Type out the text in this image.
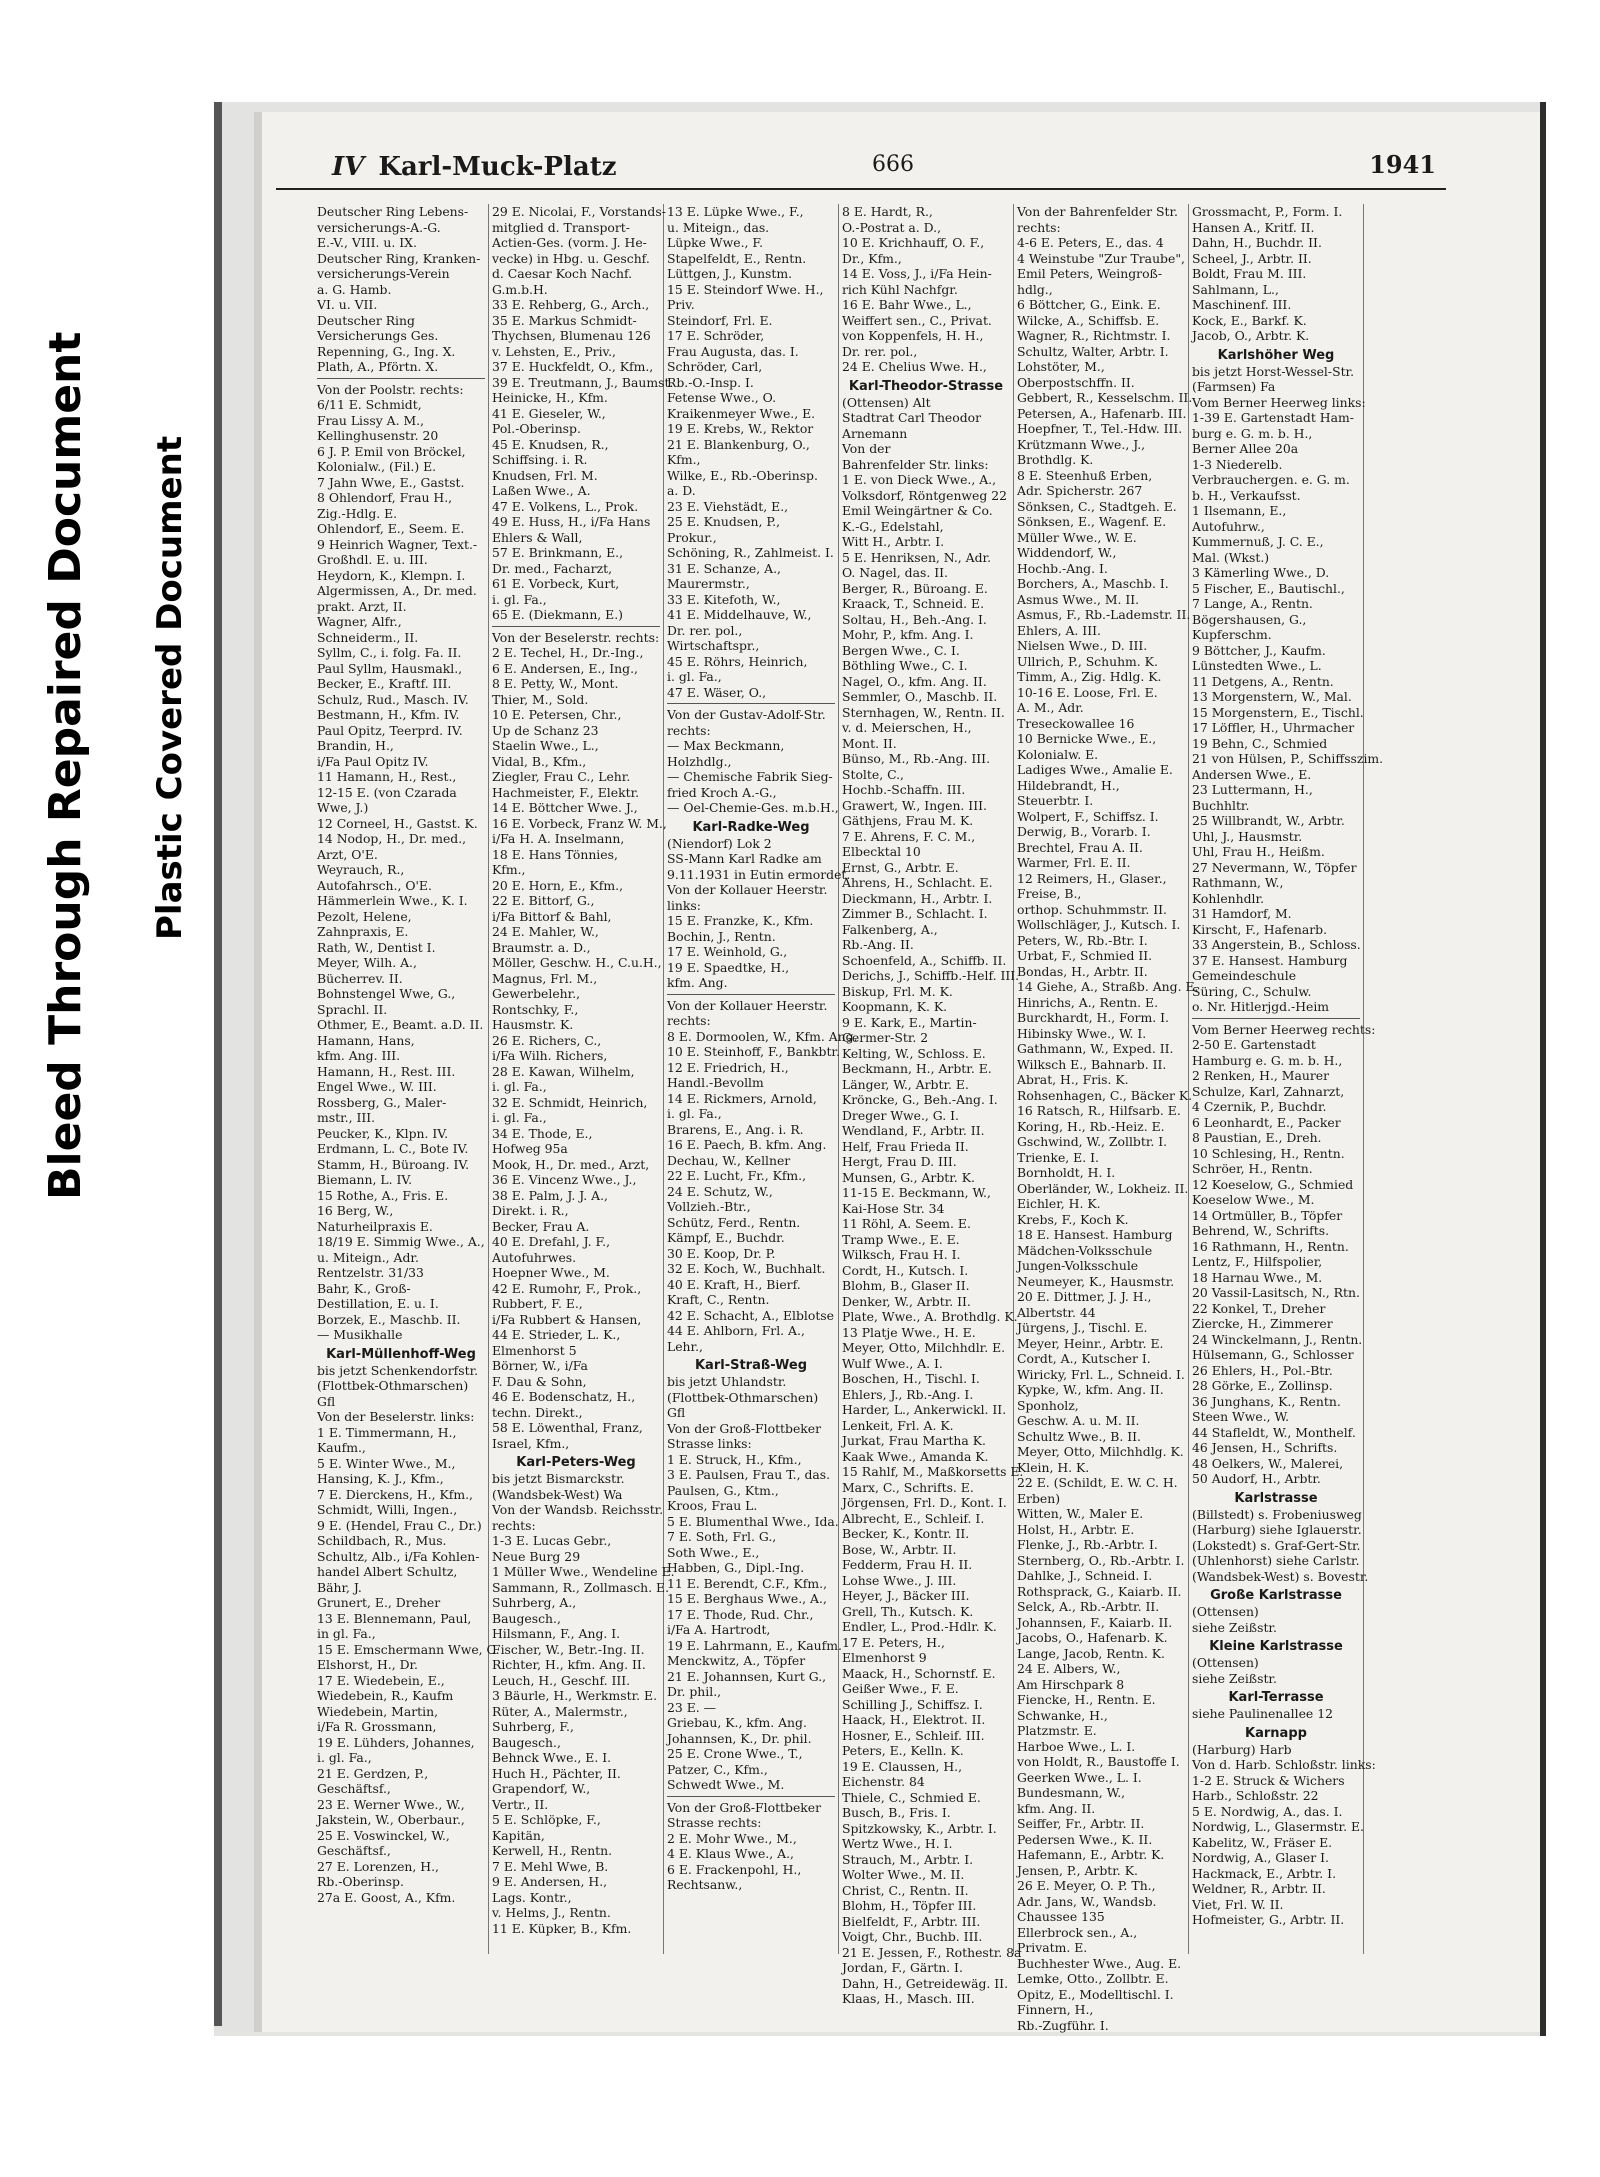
Bleed Through Repaired Document Plastic Covered Document
IV Karl-Muck-Platz	666	1941
Deutscher Ring Lebens-
versicherungs-A.-G.
E.-V., VIII. u. IX.
Deutscher Ring, Kranken-
versicherungs-Verein
a. G. Hamb.
VI. u. VII.
Deutscher Ring
Versicherungs Ges.
Repenning, G., Ing. X.
Plath, A., Pförtn. X.
Von der Poolstr. rechts:
6/11 E. Schmidt,
Frau Lissy A. M.,
Kellinghusenstr. 20
6 J. P. Emil von Bröckel,
Kolonialw., (Fil.) E.
7 Jahn Wwe, E., Gastst.
8 Ohlendorf, Frau H.,
Zig.-Hdlg. E.
Ohlendorf, E., Seem. E.
9 Heinrich Wagner, Text.-
Großhdl. E. u. III.
Heydorn, K., Klempn. I.
Algermissen, A., Dr. med.
prakt. Arzt, II.
Wagner, Alfr.,
Schneiderm., II.
Syllm, C., i. folg. Fa. II.
Paul Syllm, Hausmakl.,
Becker, E., Kraftf. III.
Schulz, Rud., Masch. IV.
Bestmann, H., Kfm. IV.
Paul Opitz, Teerprd. IV.
Brandin, H.,
i/Fa Paul Opitz IV.
11 Hamann, H., Rest.,
12-15 E. (von Czarada
Wwe, J.)
12 Corneel, H., Gastst. K.
14 Nodop, H., Dr. med.,
Arzt, O'E.
Weyrauch, R.,
Autofahrsch., O'E.
Hämmerlein Wwe., K. I.
Pezolt, Helene,
Zahnpraxis, E.
Rath, W., Dentist I.
Meyer, Wilh. A.,
Bücherrev. II.
Bohnstengel Wwe, G.,
Sprachl. II.
Othmer, E., Beamt. a.D. II.
Hamann, Hans,
kfm. Ang. III.
Hamann, H., Rest. III.
Engel Wwe., W. III.
Rossberg, G., Maler-
mstr., III.
Peucker, K., Klpn. IV.
Erdmann, L. C., Bote IV.
Stamm, H., Büroang. IV.
Biemann, L. IV.
15 Rothe, A., Fris. E.
16 Berg, W.,
Naturheilpraxis E.
18/19 E. Simmig Wwe., A.,
u. Miteign., Adr.
Rentzelstr. 31/33
Bahr, K., Groß-
Destillation, E. u. I.
Borzek, E., Maschb. II.
— Musikhalle
Karl-Müllenhoff-Weg
bis jetzt Schenkendorfstr.
(Flottbek-Othmarschen)
Gfl
Von der Beselerstr. links:
1 E. Timmermann, H.,
Kaufm.,
5 E. Winter Wwe., M.,
Hansing, K. J., Kfm.,
7 E. Dierckens, H., Kfm.,
Schmidt, Willi, Ingen.,
9 E. (Hendel, Frau C., Dr.)
Schildbach, R., Mus.
Schultz, Alb., i/Fa Kohlen-
handel Albert Schultz,
Bähr, J.
Grunert, E., Dreher
13 E. Blennemann, Paul,
in gl. Fa.,
15 E. Emschermann Wwe, C.
Elshorst, H., Dr.
17 E. Wiedebein, E.,
Wiedebein, R., Kaufm
Wiedebein, Martin,
i/Fa R. Grossmann,
19 E. Lühders, Johannes,
i. gl. Fa.,
21 E. Gerdzen, P.,
Geschäftsf.,
23 E. Werner Wwe., W.,
Jakstein, W., Oberbaur.,
25 E. Voswinckel, W.,
Geschäftsf.,
27 E. Lorenzen, H.,
Rb.-Oberinsp.
27a E. Goost, A., Kfm.
29 E. Nicolai, F., Vorstands-
mitglied d. Transport-
Actien-Ges. (vorm. J. He-
vecke) in Hbg. u. Geschf.
d. Caesar Koch Nachf.
G.m.b.H.
33 E. Rehberg, G., Arch.,
35 E. Markus Schmidt-
Thychsen, Blumenau 126
v. Lehsten, E., Priv.,
37 E. Huckfeldt, O., Kfm.,
39 E. Treutmann, J., Baumst.
Heinicke, H., Kfm.
41 E. Gieseler, W.,
Pol.-Oberinsp.
45 E. Knudsen, R.,
Schiffsing. i. R.
Knudsen, Frl. M.
Laßen Wwe., A.
47 E. Volkens, L., Prok.
49 E. Huss, H., i/Fa Hans
Ehlers & Wall,
57 E. Brinkmann, E.,
Dr. med., Facharzt,
61 E. Vorbeck, Kurt,
i. gl. Fa.,
65 E. (Diekmann, E.)
Von der Beselerstr. rechts:
2 E. Techel, H., Dr.-Ing.,
6 E. Andersen, E., Ing.,
8 E. Petty, W., Mont.
Thier, M., Sold.
10 E. Petersen, Chr.,
Up de Schanz 23
Staelin Wwe., L.,
Vidal, B., Kfm.,
Ziegler, Frau C., Lehr.
Hachmeister, F., Elektr.
14 E. Böttcher Wwe. J.,
16 E. Vorbeck, Franz W. M.,
i/Fa H. A. Inselmann,
18 E. Hans Tönnies,
Kfm.,
20 E. Horn, E., Kfm.,
22 E. Bittorf, G.,
i/Fa Bittorf & Bahl,
24 E. Mahler, W.,
Braumstr. a. D.,
Möller, Geschw. H., C.u.H.,
Magnus, Frl. M.,
Gewerbelehr.,
Rontschky, F.,
Hausmstr. K.
26 E. Richers, C.,
i/Fa Wilh. Richers,
28 E. Kawan, Wilhelm,
i. gl. Fa.,
32 E. Schmidt, Heinrich,
i. gl. Fa.,
34 E. Thode, E.,
Hofweg 95a
Mook, H., Dr. med., Arzt,
36 E. Vincenz Wwe., J.,
38 E. Palm, J. J. A.,
Direkt. i. R.,
Becker, Frau A.
40 E. Drefahl, J. F.,
Autofuhrwes.
Hoepner Wwe., M.
42 E. Rumohr, F., Prok.,
Rubbert, F. E.,
i/Fa Rubbert & Hansen,
44 E. Strieder, L. K.,
Elmenhorst 5
Börner, W., i/Fa
F. Dau & Sohn,
46 E. Bodenschatz, H.,
techn. Direkt.,
58 E. Löwenthal, Franz,
Israel, Kfm.,
Karl-Peters-Weg
bis jetzt Bismarckstr.
(Wandsbek-West) Wa
Von der Wandsb. Reichsstr.
rechts:
1-3 E. Lucas Gebr.,
Neue Burg 29
1 Müller Wwe., Wendeline E.
Sammann, R., Zollmasch. E.
Suhrberg, A.,
Baugesch.,
Hilsmann, F., Ang. I.
Fischer, W., Betr.-Ing. II.
Richter, H., kfm. Ang. II.
Leuch, H., Geschf. III.
3 Bäurle, H., Werkmstr. E.
Rüter, A., Malermstr.,
Suhrberg, F.,
Baugesch.,
Behnck Wwe., E. I.
Huch H., Pächter, II.
Grapendorf, W.,
Vertr., II.
5 E. Schlöpke, F.,
Kapitän,
Kerwell, H., Rentn.
7 E. Mehl Wwe, B.
9 E. Andersen, H.,
Lags. Kontr.,
v. Helms, J., Rentn.
11 E. Küpker, B., Kfm.
13 E. Lüpke Wwe., F.,
u. Miteign., das.
Lüpke Wwe., F.
Stapelfeldt, E., Rentn.
Lüttgen, J., Kunstm.
15 E. Steindorf Wwe. H.,
Priv.
Steindorf, Frl. E.
17 E. Schröder,
Frau Augusta, das. I.
Schröder, Carl,
Rb.-O.-Insp. I.
Fetense Wwe., O.
Kraikenmeyer Wwe., E.
19 E. Krebs, W., Rektor
21 E. Blankenburg, O.,
Kfm.,
Wilke, E., Rb.-Oberinsp.
a. D.
23 E. Viehstädt, E.,
25 E. Knudsen, P.,
Prokur.,
Schöning, R., Zahlmeist. I.
31 E. Schanze, A.,
Maurermstr.,
33 E. Kitefoth, W.,
41 E. Middelhauve, W.,
Dr. rer. pol.,
Wirtschaftspr.,
45 E. Röhrs, Heinrich,
i. gl. Fa.,
47 E. Wäser, O.,
Von der Gustav-Adolf-Str.
rechts:
— Max Beckmann,
Holzhdlg.,
— Chemische Fabrik Sieg-
fried Kroch A.-G.,
— Oel-Chemie-Ges. m.b.H.,
Karl-Radke-Weg
(Niendorf) Lok 2
SS-Mann Karl Radke am
9.11.1931 in Eutin ermordet.
Von der Kollauer Heerstr.
links:
15 E. Franzke, K., Kfm.
Bochin, J., Rentn.
17 E. Weinhold, G.,
19 E. Spaedtke, H.,
kfm. Ang.
Von der Kollauer Heerstr.
rechts:
8 E. Dormoolen, W., Kfm. Ang.
10 E. Steinhoff, F., Bankbtr.
12 E. Friedrich, H.,
Handl.-Bevollm
14 E. Rickmers, Arnold,
i. gl. Fa.,
Brarens, E., Ang. i. R.
16 E. Paech, B. kfm. Ang.
Dechau, W., Kellner
22 E. Lucht, Fr., Kfm.,
24 E. Schutz, W.,
Vollzieh.-Btr.,
Schütz, Ferd., Rentn.
Kämpf, E., Buchdr.
30 E. Koop, Dr. P.
32 E. Koch, W., Buchhalt.
40 E. Kraft, H., Bierf.
Kraft, C., Rentn.
42 E. Schacht, A., Elblotse
44 E. Ahlborn, Frl. A.,
Lehr.,
Karl-Straß-Weg
bis jetzt Uhlandstr.
(Flottbek-Othmarschen)
Gfl
Von der Groß-Flottbeker
Strasse links:
1 E. Struck, H., Kfm.,
3 E. Paulsen, Frau T., das.
Paulsen, G., Ktm.,
Kroos, Frau L.
5 E. Blumenthal Wwe., Ida.
7 E. Soth, Frl. G.,
Soth Wwe., E.,
Habben, G., Dipl.-Ing.
11 E. Berendt, C.F., Kfm.,
15 E. Berghaus Wwe., A.,
17 E. Thode, Rud. Chr.,
i/Fa A. Hartrodt,
19 E. Lahrmann, E., Kaufm.
Menckwitz, A., Töpfer
21 E. Johannsen, Kurt G.,
Dr. phil.,
23 E. —
Griebau, K., kfm. Ang.
Johannsen, K., Dr. phil.
25 E. Crone Wwe., T.,
Patzer, C., Kfm.,
Schwedt Wwe., M.
Von der Groß-Flottbeker
Strasse rechts:
2 E. Mohr Wwe., M.,
4 E. Klaus Wwe., A.,
6 E. Frackenpohl, H.,
Rechtsanw.,
8 E. Hardt, R.,
O.-Postrat a. D.,
10 E. Krichhauff, O. F.,
Dr., Kfm.,
14 E. Voss, J., i/Fa Hein-
rich Kühl Nachfgr.
16 E. Bahr Wwe., L.,
Weiffert sen., C., Privat.
von Koppenfels, H. H.,
Dr. rer. pol.,
24 E. Chelius Wwe. H.,
Karl-Theodor-Strasse
(Ottensen) Alt
Stadtrat Carl Theodor
Arnemann
Von der
Bahrenfelder Str. links:
1 E. von Dieck Wwe., A.,
Volksdorf, Röntgenweg 22
Emil Weingärtner & Co.
K.-G., Edelstahl,
Witt H., Arbtr. I.
5 E. Henriksen, N., Adr.
O. Nagel, das. II.
Berger, R., Büroang. E.
Kraack, T., Schneid. E.
Soltau, H., Beh.-Ang. I.
Mohr, P., kfm. Ang. I.
Bergen Wwe., C. I.
Böthling Wwe., C. I.
Nagel, O., kfm. Ang. II.
Semmler, O., Maschb. II.
Sternhagen, W., Rentn. II.
v. d. Meierschen, H.,
Mont. II.
Bünso, M., Rb.-Ang. III.
Stolte, C.,
Hochb.-Schaffn. III.
Grawert, W., Ingen. III.
Gäthjens, Frau M. K.
7 E. Ahrens, F. C. M.,
Elbecktal 10
Ernst, G., Arbtr. E.
Ahrens, H., Schlacht. E.
Dieckmann, H., Arbtr. I.
Zimmer B., Schlacht. I.
Falkenberg, A.,
Rb.-Ang. II.
Schoenfeld, A., Schiffb. II.
Derichs, J., Schiffb.-Helf. III.
Biskup, Frl. M. K.
Koopmann, K. K.
9 E. Kark, E., Martin-
Germer-Str. 2
Kelting, W., Schloss. E.
Beckmann, H., Arbtr. E.
Länger, W., Arbtr. E.
Kröncke, G., Beh.-Ang. I.
Dreger Wwe., G. I.
Wendland, F., Arbtr. II.
Helf, Frau Frieda II.
Hergt, Frau D. III.
Munsen, G., Arbtr. K.
11-15 E. Beckmann, W.,
Kai-Hose Str. 34
11 Röhl, A. Seem. E.
Tramp Wwe., E. E.
Wilksch, Frau H. I.
Cordt, H., Kutsch. I.
Blohm, B., Glaser II.
Denker, W., Arbtr. II.
Plate, Wwe., A. Brothdlg. K.
13 Platje Wwe., H. E.
Meyer, Otto, Milchhdlr. E.
Wulf Wwe., A. I.
Boschen, H., Tischl. I.
Ehlers, J., Rb.-Ang. I.
Harder, L., Ankerwickl. II.
Lenkeit, Frl. A. K.
Jurkat, Frau Martha K.
Kaak Wwe., Amanda K.
15 Rahlf, M., Maßkorsetts E.
Marx, C., Schrifts. E.
Jörgensen, Frl. D., Kont. I.
Albrecht, E., Schleif. I.
Becker, K., Kontr. II.
Bose, W., Arbtr. II.
Fedderm, Frau H. II.
Lohse Wwe., J. III.
Heyer, J., Bäcker III.
Grell, Th., Kutsch. K.
Endler, L., Prod.-Hdlr. K.
17 E. Peters, H.,
Elmenhorst 9
Maack, H., Schornstf. E.
Geißer Wwe., F. E.
Schilling J., Schiffsz. I.
Haack, H., Elektrot. II.
Hosner, E., Schleif. III.
Peters, E., Kelln. K.
19 E. Claussen, H.,
Eichenstr. 84
Thiele, C., Schmied E.
Busch, B., Fris. I.
Spitzkowsky, K., Arbtr. I.
Wertz Wwe., H. I.
Strauch, M., Arbtr. I.
Wolter Wwe., M. II.
Christ, C., Rentn. II.
Blohm, H., Töpfer III.
Bielfeldt, F., Arbtr. III.
Voigt, Chr., Buchb. III.
21 E. Jessen, F., Rothestr. 8a
Jordan, F., Gärtn. I.
Dahn, H., Getreidewäg. II.
Klaas, H., Masch. III.
Von der Bahrenfelder Str.
rechts:
4-6 E. Peters, E., das. 4
4 Weinstube "Zur Traube",
Emil Peters, Weingroß-
hdlg.,
6 Böttcher, G., Eink. E.
Wilcke, A., Schiffsb. E.
Wagner, R., Richtmstr. I.
Schultz, Walter, Arbtr. I.
Lohstöter, M.,
Oberpostschffn. II.
Gebbert, R., Kesselschm. II.
Petersen, A., Hafenarb. III.
Hoepfner, T., Tel.-Hdw. III.
Krützmann Wwe., J.,
Brothdlg. K.
8 E. Steenhuß Erben,
Adr. Spicherstr. 267
Sönksen, C., Stadtgeh. E.
Sönksen, E., Wagenf. E.
Müller Wwe., W. E.
Widdendorf, W.,
Hochb.-Ang. I.
Borchers, A., Maschb. I.
Asmus Wwe., M. II.
Asmus, F., Rb.-Lademstr. II.
Ehlers, A. III.
Nielsen Wwe., D. III.
Ullrich, P., Schuhm. K.
Timm, A., Zig. Hdlg. K.
10-16 E. Loose, Frl. E.
A. M., Adr.
Treseckowallee 16
10 Bernicke Wwe., E.,
Kolonialw. E.
Ladiges Wwe., Amalie E.
Hildebrandt, H.,
Steuerbtr. I.
Wolpert, F., Schiffsz. I.
Derwig, B., Vorarb. I.
Brechtel, Frau A. II.
Warmer, Frl. E. II.
12 Reimers, H., Glaser.,
Freise, B.,
orthop. Schuhmmstr. II.
Wollschläger, J., Kutsch. I.
Peters, W., Rb.-Btr. I.
Urbat, F., Schmied II.
Bondas, H., Arbtr. II.
14 Giehe, A., Straßb. Ang. E.
Hinrichs, A., Rentn. E.
Burckhardt, H., Form. I.
Hibinsky Wwe., W. I.
Gathmann, W., Exped. II.
Wilksch E., Bahnarb. II.
Abrat, H., Fris. K.
Rohsenhagen, C., Bäcker K.
16 Ratsch, R., Hilfsarb. E.
Koring, H., Rb.-Heiz. E.
Gschwind, W., Zollbtr. I.
Trienke, E. I.
Bornholdt, H. I.
Oberländer, W., Lokheiz. II.
Eichler, H. K.
Krebs, F., Koch K.
18 E. Hansest. Hamburg
Mädchen-Volksschule
Jungen-Volksschule
Neumeyer, K., Hausmstr.
20 E. Dittmer, J. J. H.,
Albertstr. 44
Jürgens, J., Tischl. E.
Meyer, Heinr., Arbtr. E.
Cordt, A., Kutscher I.
Wiricky, Frl. L., Schneid. I.
Kypke, W., kfm. Ang. II.
Sponholz,
Geschw. A. u. M. II.
Schultz Wwe., B. II.
Meyer, Otto, Milchhdlg. K.
Klein, H. K.
22 E. (Schildt, E. W. C. H.
Erben)
Witten, W., Maler E.
Holst, H., Arbtr. E.
Flenke, J., Rb.-Arbtr. I.
Sternberg, O., Rb.-Arbtr. I.
Dahlke, J., Schneid. I.
Rothsprack, G., Kaiarb. II.
Selck, A., Rb.-Arbtr. II.
Johannsen, F., Kaiarb. II.
Jacobs, O., Hafenarb. K.
Lange, Jacob, Rentn. K.
24 E. Albers, W.,
Am Hirschpark 8
Fiencke, H., Rentn. E.
Schwanke, H.,
Platzmstr. E.
Harboe Wwe., L. I.
von Holdt, R., Baustoffe I.
Geerken Wwe., L. I.
Bundesmann, W.,
kfm. Ang. II.
Seiffer, Fr., Arbtr. II.
Pedersen Wwe., K. II.
Hafemann, E., Arbtr. K.
Jensen, P., Arbtr. K.
26 E. Meyer, O. P. Th.,
Adr. Jans, W., Wandsb.
Chaussee 135
Ellerbrock sen., A.,
Privatm. E.
Buchhester Wwe., Aug. E.
Lemke, Otto., Zollbtr. E.
Opitz, E., Modelltischl. I.
Finnern, H.,
Rb.-Zugführ. I.
Grossmacht, P., Form. I.
Hansen A., Kritf. II.
Dahn, H., Buchdr. II.
Scheel, J., Arbtr. II.
Boldt, Frau M. III.
Sahlmann, L.,
Maschinenf. III.
Kock, E., Barkf. K.
Jacob, O., Arbtr. K.
Karlshöher Weg
bis jetzt Horst-Wessel-Str.
(Farmsen) Fa
Vom Berner Heerweg links:
1-39 E. Gartenstadt Ham-
burg e. G. m. b. H.,
Berner Allee 20a
1-3 Niederelb.
Verbrauchergen. e. G. m.
b. H., Verkaufsst.
1 Ilsemann, E.,
Autofuhrw.,
Kummernuß, J. C. E.,
Mal. (Wkst.)
3 Kämerling Wwe., D.
5 Fischer, E., Bautischl.,
7 Lange, A., Rentn.
Bögershausen, G.,
Kupferschm.
9 Böttcher, J., Kaufm.
Lünstedten Wwe., L.
11 Detgens, A., Rentn.
13 Morgenstern, W., Mal.
15 Morgenstern, E., Tischl.
17 Löffler, H., Uhrmacher
19 Behn, C., Schmied
21 von Hülsen, P., Schiffsszim.
Andersen Wwe., E.
23 Luttermann, H.,
Buchhltr.
25 Willbrandt, W., Arbtr.
Uhl, J., Hausmstr.
Uhl, Frau H., Heißm.
27 Nevermann, W., Töpfer
Rathmann, W.,
Kohlenhdlr.
31 Hamdorf, M.
Kirscht, F., Hafenarb.
33 Angerstein, B., Schloss.
37 E. Hansest. Hamburg
Gemeindeschule
Süring, C., Schulw.
o. Nr. Hitlerjgd.-Heim
Vom Berner Heerweg rechts:
2-50 E. Gartenstadt
Hamburg e. G. m. b. H.,
2 Renken, H., Maurer
Schulze, Karl, Zahnarzt,
4 Czernik, P., Buchdr.
6 Leonhardt, E., Packer
8 Paustian, E., Dreh.
10 Schlesing, H., Rentn.
Schröer, H., Rentn.
12 Koeselow, G., Schmied
Koeselow Wwe., M.
14 Ortmüller, B., Töpfer
Behrend, W., Schrifts.
16 Rathmann, H., Rentn.
Lentz, F., Hilfspolier,
18 Harnau Wwe., M.
20 Vassil-Lasitsch, N., Rtn.
22 Konkel, T., Dreher
Ziercke, H., Zimmerer
24 Winckelmann, J., Rentn.
Hülsemann, G., Schlosser
26 Ehlers, H., Pol.-Btr.
28 Görke, E., Zollinsp.
36 Junghans, K., Rentn.
Steen Wwe., W.
44 Stafleldt, W., Monthelf.
46 Jensen, H., Schrifts.
48 Oelkers, W., Malerei,
50 Audorf, H., Arbtr.
Karlstrasse
(Billstedt) s. Frobeniusweg
(Harburg) siehe Iglauerstr.
(Lokstedt) s. Graf-Gert-Str.
(Uhlenhorst) siehe Carlstr.
(Wandsbek-West) s. Bovestr.
Große Karlstrasse
(Ottensen)
siehe Zeißstr.
Kleine Karlstrasse
(Ottensen)
siehe Zeißstr.
Karl-Terrasse
siehe Paulinenallee 12
Karnapp
(Harburg) Harb
Von d. Harb. Schloßstr. links:
1-2 E. Struck & Wichers
Harb., Schloßstr. 22
5 E. Nordwig, A., das. I.
Nordwig, L., Glasermstr. E.
Kabelitz, W., Fräser E.
Nordwig, A., Glaser I.
Hackmack, E., Arbtr. I.
Weldner, R., Arbtr. II.
Viet, Frl. W. II.
Hofmeister, G., Arbtr. II.
